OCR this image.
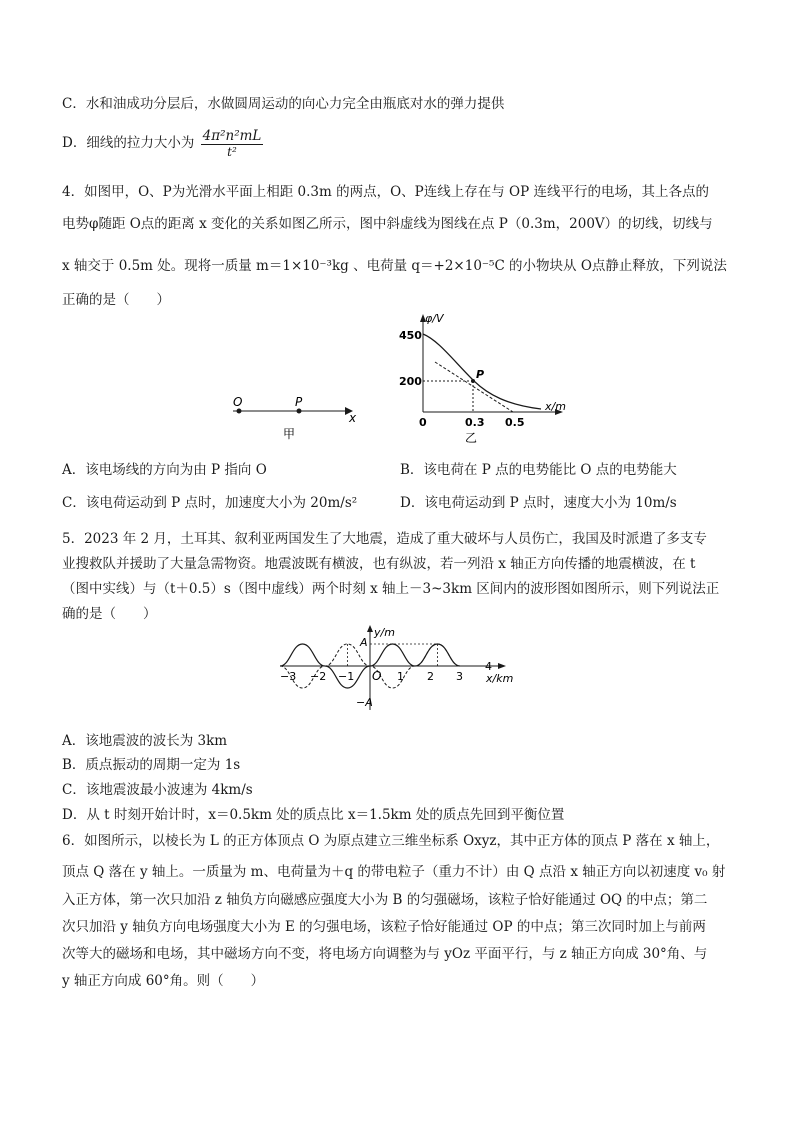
C．水和油成功分层后，水做圆周运动的向心力完全由瓶底对水的弹力提供
D．细线的拉力大小为 $\frac{\text{4π²n²mL}}{\text{t²}}$
4．如图甲，O、P为光滑水平面上相距 0.3m 的两点，O、P连线上存在与 OP 连线平行的电场，其上各点的
电势φ随距 O点的距离 x 变化的关系如图乙所示，图中斜虚线为图线在点 P（0.3m，200V）的切线，切线与
x 轴交于 0.5m 处。现将一质量 m＝1×10⁻³kg 、电荷量 q＝+2×10⁻⁵C 的小物块从 O点静止释放，下列说法
正确的是（　　）
O	P
x
甲
φ/V
x/m
450
200
0	0.3 0.5
P
乙
A．该电场线的方向为由 P 指向 O	B．该电荷在 P 点的电势能比 O 点的电势能大
C．该电荷运动到 P 点时，加速度大小为 20m/s²	D．该电荷运动到 P 点时，速度大小为 10m/s
5．2023 年 2 月，土耳其、叙利亚两国发生了大地震，造成了重大破坏与人员伤亡，我国及时派遣了多支专
业搜救队并援助了大量急需物资。地震波既有横波，也有纵波，若一列沿 x 轴正方向传播的地震横波，在 t
（图中实线）与（t＋0.5）s（图中虚线）两个时刻 x 轴上－3~3km 区间内的波形图如图所示，则下列说法正
确的是（　　）
y/m
A
−A
O	x/km
−3 −2 −1	1 2 3
4
A．该地震波的波长为 3km
B．质点振动的周期一定为 1s
C．该地震波最小波速为 4km/s
D．从 t 时刻开始计时，x＝0.5km 处的质点比 x＝1.5km 处的质点先回到平衡位置
6．如图所示，以棱长为 L 的正方体顶点 O 为原点建立三维坐标系 Oxyz，其中正方体的顶点 P 落在 x 轴上，
顶点 Q 落在 y 轴上。一质量为 m、电荷量为＋q 的带电粒子（重力不计）由 Q 点沿 x 轴正方向以初速度 v₀ 射
入正方体，第一次只加沿 z 轴负方向磁感应强度大小为 B 的匀强磁场，该粒子恰好能通过 OQ 的中点；第二
次只加沿 y 轴负方向电场强度大小为 E 的匀强电场，该粒子恰好能通过 OP 的中点；第三次同时加上与前两
次等大的磁场和电场，其中磁场方向不变，将电场方向调整为与 yOz 平面平行，与 z 轴正方向成 30°角、与
y 轴正方向成 60°角。则（　　）
